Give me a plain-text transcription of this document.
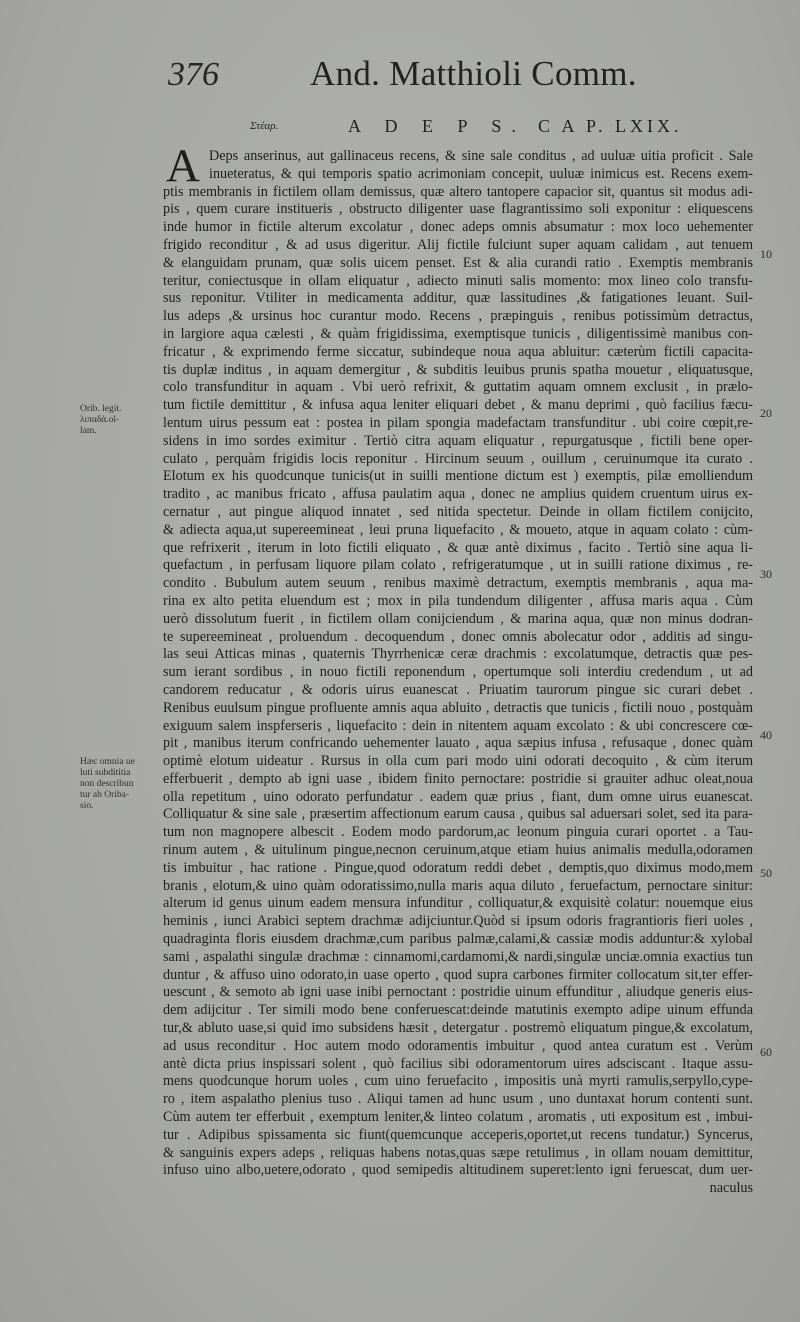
376	And. Matthioli Comm.
Στέαρ.	A D E P S. C A P. LXIX.
A Deps anserinus, aut gallinaceus recens, & sine sale conditus , ad uuluæ uitia proficit . Sale
inueteratus, & qui temporis spatio acrimoniam concepit, uuluæ inimicus est. Recens exem-
ptis membranis in fictilem ollam demissus, quæ altero tantopere capacior sit, quantus sit modus adi-
pis , quem curare institueris , obstructo diligenter uase flagrantissimo soli exponitur : eliquescens
inde humor in fictile alterum excolatur , donec adeps omnis absumatur : mox loco uehementer
frigido reconditur , & ad usus digeritur. Alij fictile fulciunt super aquam calidam , aut tenuem
& elanguidam prunam, quæ solis uicem penset. Est & alia curandi ratio . Exemptis membranis
teritur, coniectusque in ollam eliquatur , adiecto minuti salis momento: mox lineo colo transfu-
sus reponitur. Vtiliter in medicamenta additur, quæ lassitudines ,& fatigationes leuant. Suil-
lus adeps ,& ursinus hoc curantur modo. Recens , præpinguis , renibus potissimùm detractus,
in largiore aqua cælesti , & quàm frigidissima, exemptisque tunicis , diligentissimè manibus con-
fricatur , & exprimendo ferme siccatur, subindeque noua aqua abluitur: cæterùm fictili capacita-
tis duplæ inditus , in aquam demergitur , & subditis leuibus prunis spatha mouetur , eliquatusque,
colo transfunditur in aquam . Vbi uerò refrixit, & guttatim aquam omnem exclusit , in prælo-
tum fictile demittitur , & infusa aqua leniter eliquari debet , & manu deprimi , quò facilius fæcu-
lentum uirus pessum eat : postea in pilam spongia madefactam transfunditur . ubi coire cœpit,re-
sidens in imo sordes eximitur . Tertiò citra aquam eliquatur , repurgatusque , fictili bene oper-
culato , perquàm frigidis locis reponitur . Hircinum seuum , ouillum , ceruinumque ita curato .
Elotum ex his quodcunque tunicis(ut in suilli mentione dictum est ) exemptis, pilæ emolliendum
tradito , ac manibus fricato , affusa paulatim aqua , donec ne amplius quidem cruentum uirus ex-
cernatur , aut pingue aliquod innatet , sed nitida spectetur. Deinde in ollam fictilem conijcito,
& adiecta aqua,ut supereemineat , leui pruna liquefacito , & moueto, atque in aquam colato : cùm-
que refrixerit , iterum in loto fictili eliquato , & quæ antè diximus , facito . Tertiò sine aqua li-
quefactum , in perfusam liquore pilam colato , refrigeratumque , ut in suilli ratione diximus , re-
condito . Bubulum autem seuum , renibus maximè detractum, exemptis membranis , aqua ma-
rina ex alto petita eluendum est ; mox in pila tundendum diligenter , affusa maris aqua . Cùm
uerò dissolutum fuerit , in fictilem ollam conijciendum , & marina aqua, quæ non minus dodran-
te supereemineat , proluendum . decoquendum , donec omnis abolecatur odor , additis ad singu-
las seui Atticas minas , quaternis Thyrrhenicæ ceræ drachmis : excolatumque, detractis quæ pes-
sum ierant sordibus , in nouo fictili reponendum , opertumque soli interdiu credendum , ut ad
candorem reducatur , & odoris uirus euanescat . Priuatim taurorum pingue sic curari debet .
Renibus euulsum pingue profluente amnis aqua abluito , detractis que tunicis , fictili nouo , postquàm
exiguum salem inspferseris , liquefacito : dein in nitentem aquam excolato : & ubi concrescere cœ-
pit , manibus iterum confricando uehementer lauato , aqua sæpius infusa , refusaque , donec quàm
optimè elotum uideatur . Rursus in olla cum pari modo uini odorati decoquito , & cùm iterum
efferbuerit , dempto ab igni uase , ibidem finito pernoctare: postridie si grauiter adhuc oleat,noua
olla repetitum , uino odorato perfundatur . eadem quæ prius , fiant, dum omne uirus euanescat.
Colliquatur & sine sale , præsertim affectionum earum causa , quibus sal aduersari solet, sed ita para-
tum non magnopere albescit . Eodem modo pardorum,ac leonum pinguia curari oportet . a Tau-
rinum autem , & uitulinum pingue,necnon ceruinum,atque etiam huius animalis medulla,odoramen
tis imbuitur , hac ratione . Pingue,quod odoratum reddi debet , demptis,quo diximus modo,mem
branis , elotum,& uino quàm odoratissimo,nulla maris aqua diluto , feruefactum, pernoctare sinitur:
alterum id genus uinum eadem mensura infunditur , colliquatur,& exquisitè colatur: nouemque eius
heminis , iunci Arabici septem drachmæ adijciuntur.Quòd si ipsum odoris fragrantioris fieri uoles ,
quadraginta floris eiusdem drachmæ,cum paribus palmæ,calami,& cassiæ modis adduntur:& xylobal
sami , aspalathi singulæ drachmæ : cinnamomi,cardamomi,& nardi,singulæ unciæ.omnia exactius tun
duntur , & affuso uino odorato,in uase operto , quod supra carbones firmiter collocatum sit,ter effer-
uescunt , & semoto ab igni uase inibi pernoctant : postridie uinum effunditur , aliudque generis eius-
dem adijcitur . Ter simili modo bene conferuescat:deinde matutinis exempto adipe uinum effunda
tur,& abluto uase,si quid imo subsidens hæsit , detergatur . postremò eliquatum pingue,& excolatum,
ad usus reconditur . Hoc autem modo odoramentis imbuitur , quod antea curatum est . Verùm
antè dicta prius inspissari solent , quò facilius sibi odoramentorum uires adsciscant . Itaque assu-
mens quodcunque horum uoles , cum uino feruefacito , impositis unà myrti ramulis,serpyllo,cype-
ro , item aspalatho plenius tuso . Aliqui tamen ad hunc usum , uno duntaxat horum contenti sunt.
Cùm autem ter efferbuit , exemptum leniter,& linteo colatum , aromatis , uti expositum est , imbui-
tur . Adipibus spissamenta sic fiunt(quemcunque acceperis,oportet,ut recens tundatur.) Syncerus,
& sanguinis expers adeps , reliquas habens notas,quas sæpe retulimus , in ollam nouam demittitur,
infuso uino albo,uetere,odorato , quod semipedis altitudinem superet:lento igni feruescat, dum uer-
naculus
Orib. legit.
λιπαδὰ.ol-
lam.
Hæc omnia ue
luti subdititia
non describun
tur ab Oriba-
sio.
10
20
30
40
50
60
